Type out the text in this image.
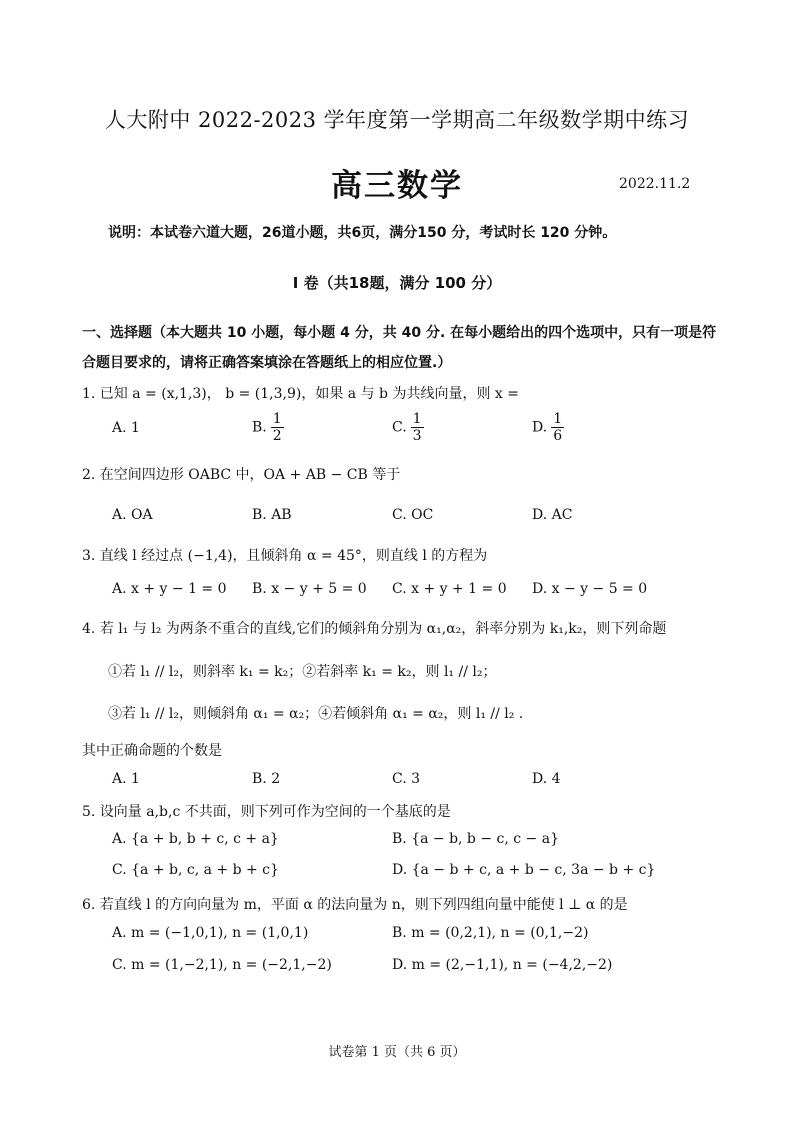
人大附中 2022-2023 学年度第一学期高二年级数学期中练习
高三数学	2022.11.2
说明：本试卷六道大题，26道小题，共6页，满分150 分，考试时长 120 分钟。
I 卷（共18题，满分 100 分）
一、选择题（本大题共 10 小题，每小题 4 分，共 40 分. 在每小题给出的四个选项中，只有一项是符
合题目要求的，请将正确答案填涂在答题纸上的相应位置.）
1. 已知 a = (x,1,3)， b = (1,3,9)，如果 a 与 b 为共线向量，则 x =
A. 1	B. $\frac{1}{2}$	C. $\frac{1}{3}$	D. $\frac{1}{6}$
2. 在空间四边形 OABC 中，OA + AB − CB 等于
A. OA	B. AB	C. OC	D. AC
3. 直线 l 经过点 (−1,4)，且倾斜角 α = 45°，则直线 l 的方程为
A. x + y − 1 = 0 B. x − y + 5 = 0 C. x + y + 1 = 0 D. x − y − 5 = 0
4. 若 l₁ 与 l₂ 为两条不重合的直线,它们的倾斜角分别为 α₁,α₂，斜率分别为 k₁,k₂，则下列命题
①若 l₁ // l₂，则斜率 k₁ = k₂；②若斜率 k₁ = k₂，则 l₁ // l₂；
③若 l₁ // l₂，则倾斜角 α₁ = α₂；④若倾斜角 α₁ = α₂，则 l₁ // l₂ .
其中正确命题的个数是
A. 1	B. 2	C. 3	D. 4
5. 设向量 a,b,c 不共面，则下列可作为空间的一个基底的是
A. {a + b, b + c, c + a}	B. {a − b, b − c, c − a}
C. {a + b, c, a + b + c}	D. {a − b + c, a + b − c, 3a − b + c}
6. 若直线 l 的方向向量为 m，平面 α 的法向量为 n，则下列四组向量中能使 l ⊥ α 的是
A. m = (−1,0,1), n = (1,0,1)	B. m = (0,2,1), n = (0,1,−2)
C. m = (1,−2,1), n = (−2,1,−2)	D. m = (2,−1,1), n = (−4,2,−2)
试卷第 1 页（共 6 页）
